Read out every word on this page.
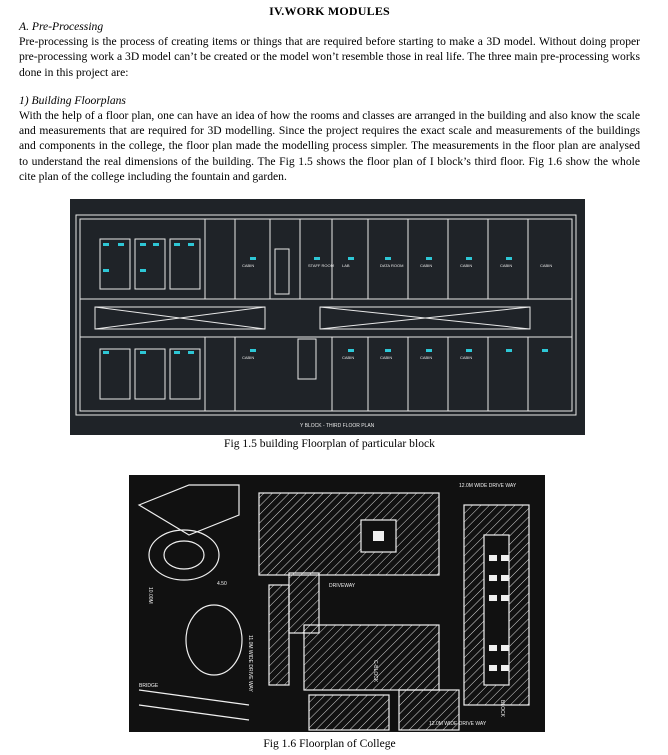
IV.WORK MODULES

A. Pre-Processing

Pre-processing is the process of creating items or things that are required before starting to make a 3D model. Without doing proper pre-processing work a 3D model can’t be created or the model won’t resemble those in real life. The three main pre-processing works done in this project are:

1) Building Floorplans

With the help of a floor plan, one can have an idea of how the rooms and classes are arranged in the building and also know the scale and measurements that are required for 3D modelling. Since the project requires the exact scale and measurements of the buildings and components in the college, the floor plan made the modelling process simpler. The measurements in the floor plan are analysed to understand the real dimensions of the building. The Fig 1.5 shows the floor plan of I block’s third floor. Fig 1.6 show the whole cite plan of the college including the fountain and garden.

CABIN	STAFF ROOM LAB	DATA ROOM	CABIN	CABIN	CABIN	CABIN
CABIN	CABIN	CABIN	CABIN	CABIN
Y BLOCK - THIRD FLOOR PLAN
Fig 1.5 building Floorplan of particular block
12.0M WIDE DRIVE WAY
DRIVEWAY
C-BLOCK
BLOCK
12.0M WIDE DRIVE WAY
4.50
11.0M WIDE DRIVE WAY
10.00M
BRIDGE
Fig 1.6 Floorplan of College
